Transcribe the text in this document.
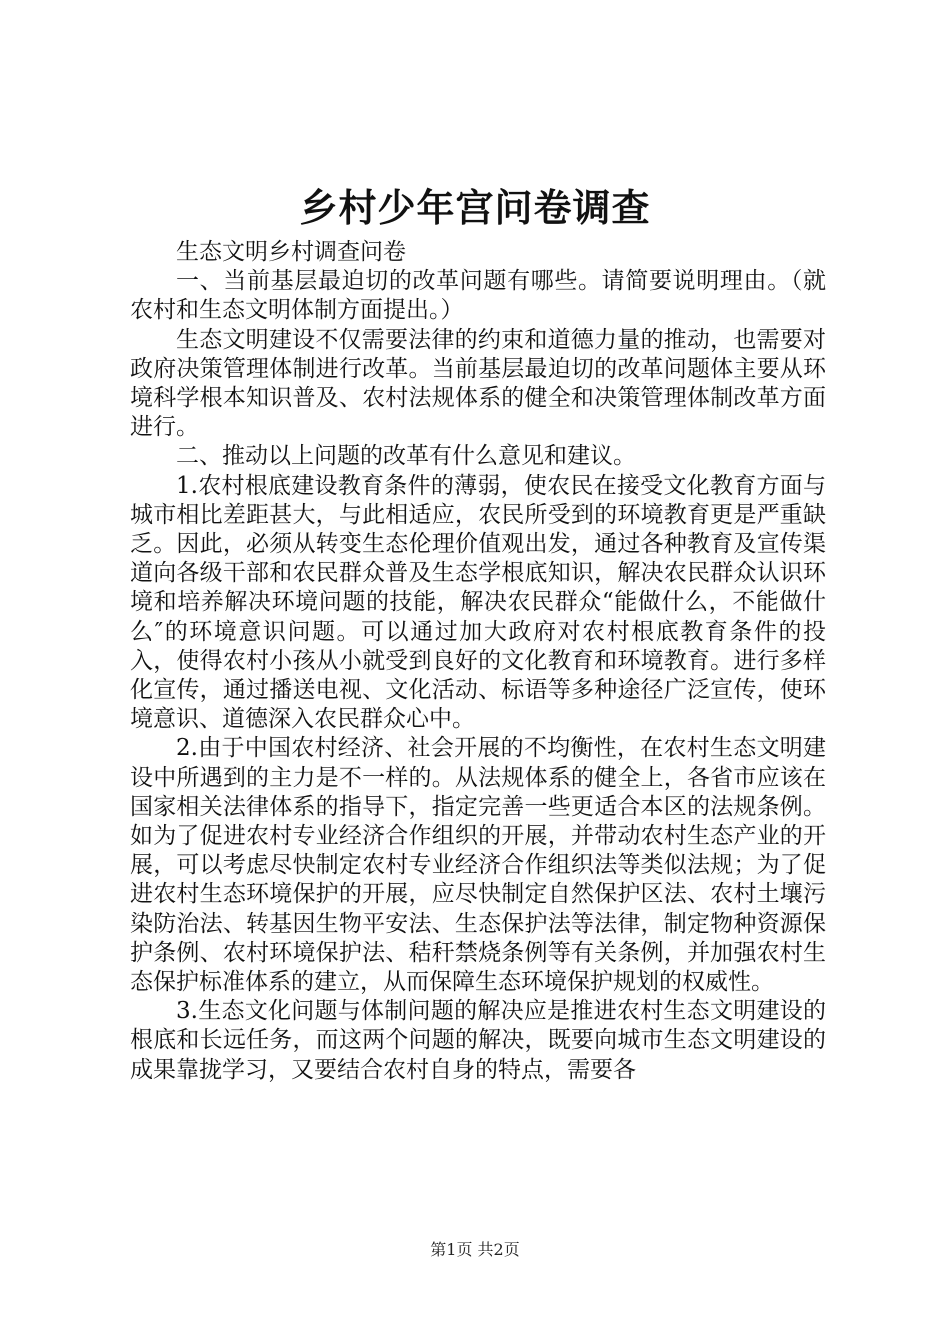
乡村少年宫问卷调查

生态文明乡村调查问卷

一、当前基层最迫切的改革问题有哪些。请简要说明理由。（就农村和生态文明体制方面提出。）

生态文明建设不仅需要法律的约束和道德力量的推动，也需要对政府决策管理体制进行改革。当前基层最迫切的改革问题体主要从环境科学根本知识普及、农村法规体系的健全和决策管理体制改革方面进行。

二、推动以上问题的改革有什么意见和建议。

1.农村根底建设教育条件的薄弱，使农民在接受文化教育方面与城市相比差距甚大，与此相适应，农民所受到的环境教育更是严重缺乏。因此，必须从转变生态伦理价值观出发，通过各种教育及宣传渠道向各级干部和农民群众普及生态学根底知识，解决农民群众认识环境和培养解决环境问题的技能，解决农民群众“能做什么，不能做什么″的环境意识问题。可以通过加大政府对农村根底教育条件的投入，使得农村小孩从小就受到良好的文化教育和环境教育。进行多样化宣传，通过播送电视、文化活动、标语等多种途径广泛宣传，使环境意识、道德深入农民群众心中。

2.由于中国农村经济、社会开展的不均衡性，在农村生态文明建设中所遇到的主力是不一样的。从法规体系的健全上，各省市应该在国家相关法律体系的指导下，指定完善一些更适合本区的法规条例。如为了促进农村专业经济合作组织的开展，并带动农村生态产业的开展，可以考虑尽快制定农村专业经济合作组织法等类似法规；为了促进农村生态环境保护的开展，应尽快制定自然保护区法、农村土壤污染防治法、转基因生物平安法、生态保护法等法律，制定物种资源保护条例、农村环境保护法、秸秆禁烧条例等有关条例，并加强农村生态保护标准体系的建立，从而保障生态环境保护规划的权威性。

3.生态文化问题与体制问题的解决应是推进农村生态文明建设的根底和长远任务，而这两个问题的解决，既要向城市生态文明建设的成果靠拢学习，又要结合农村自身的特点，需要各

第1页 共2页
